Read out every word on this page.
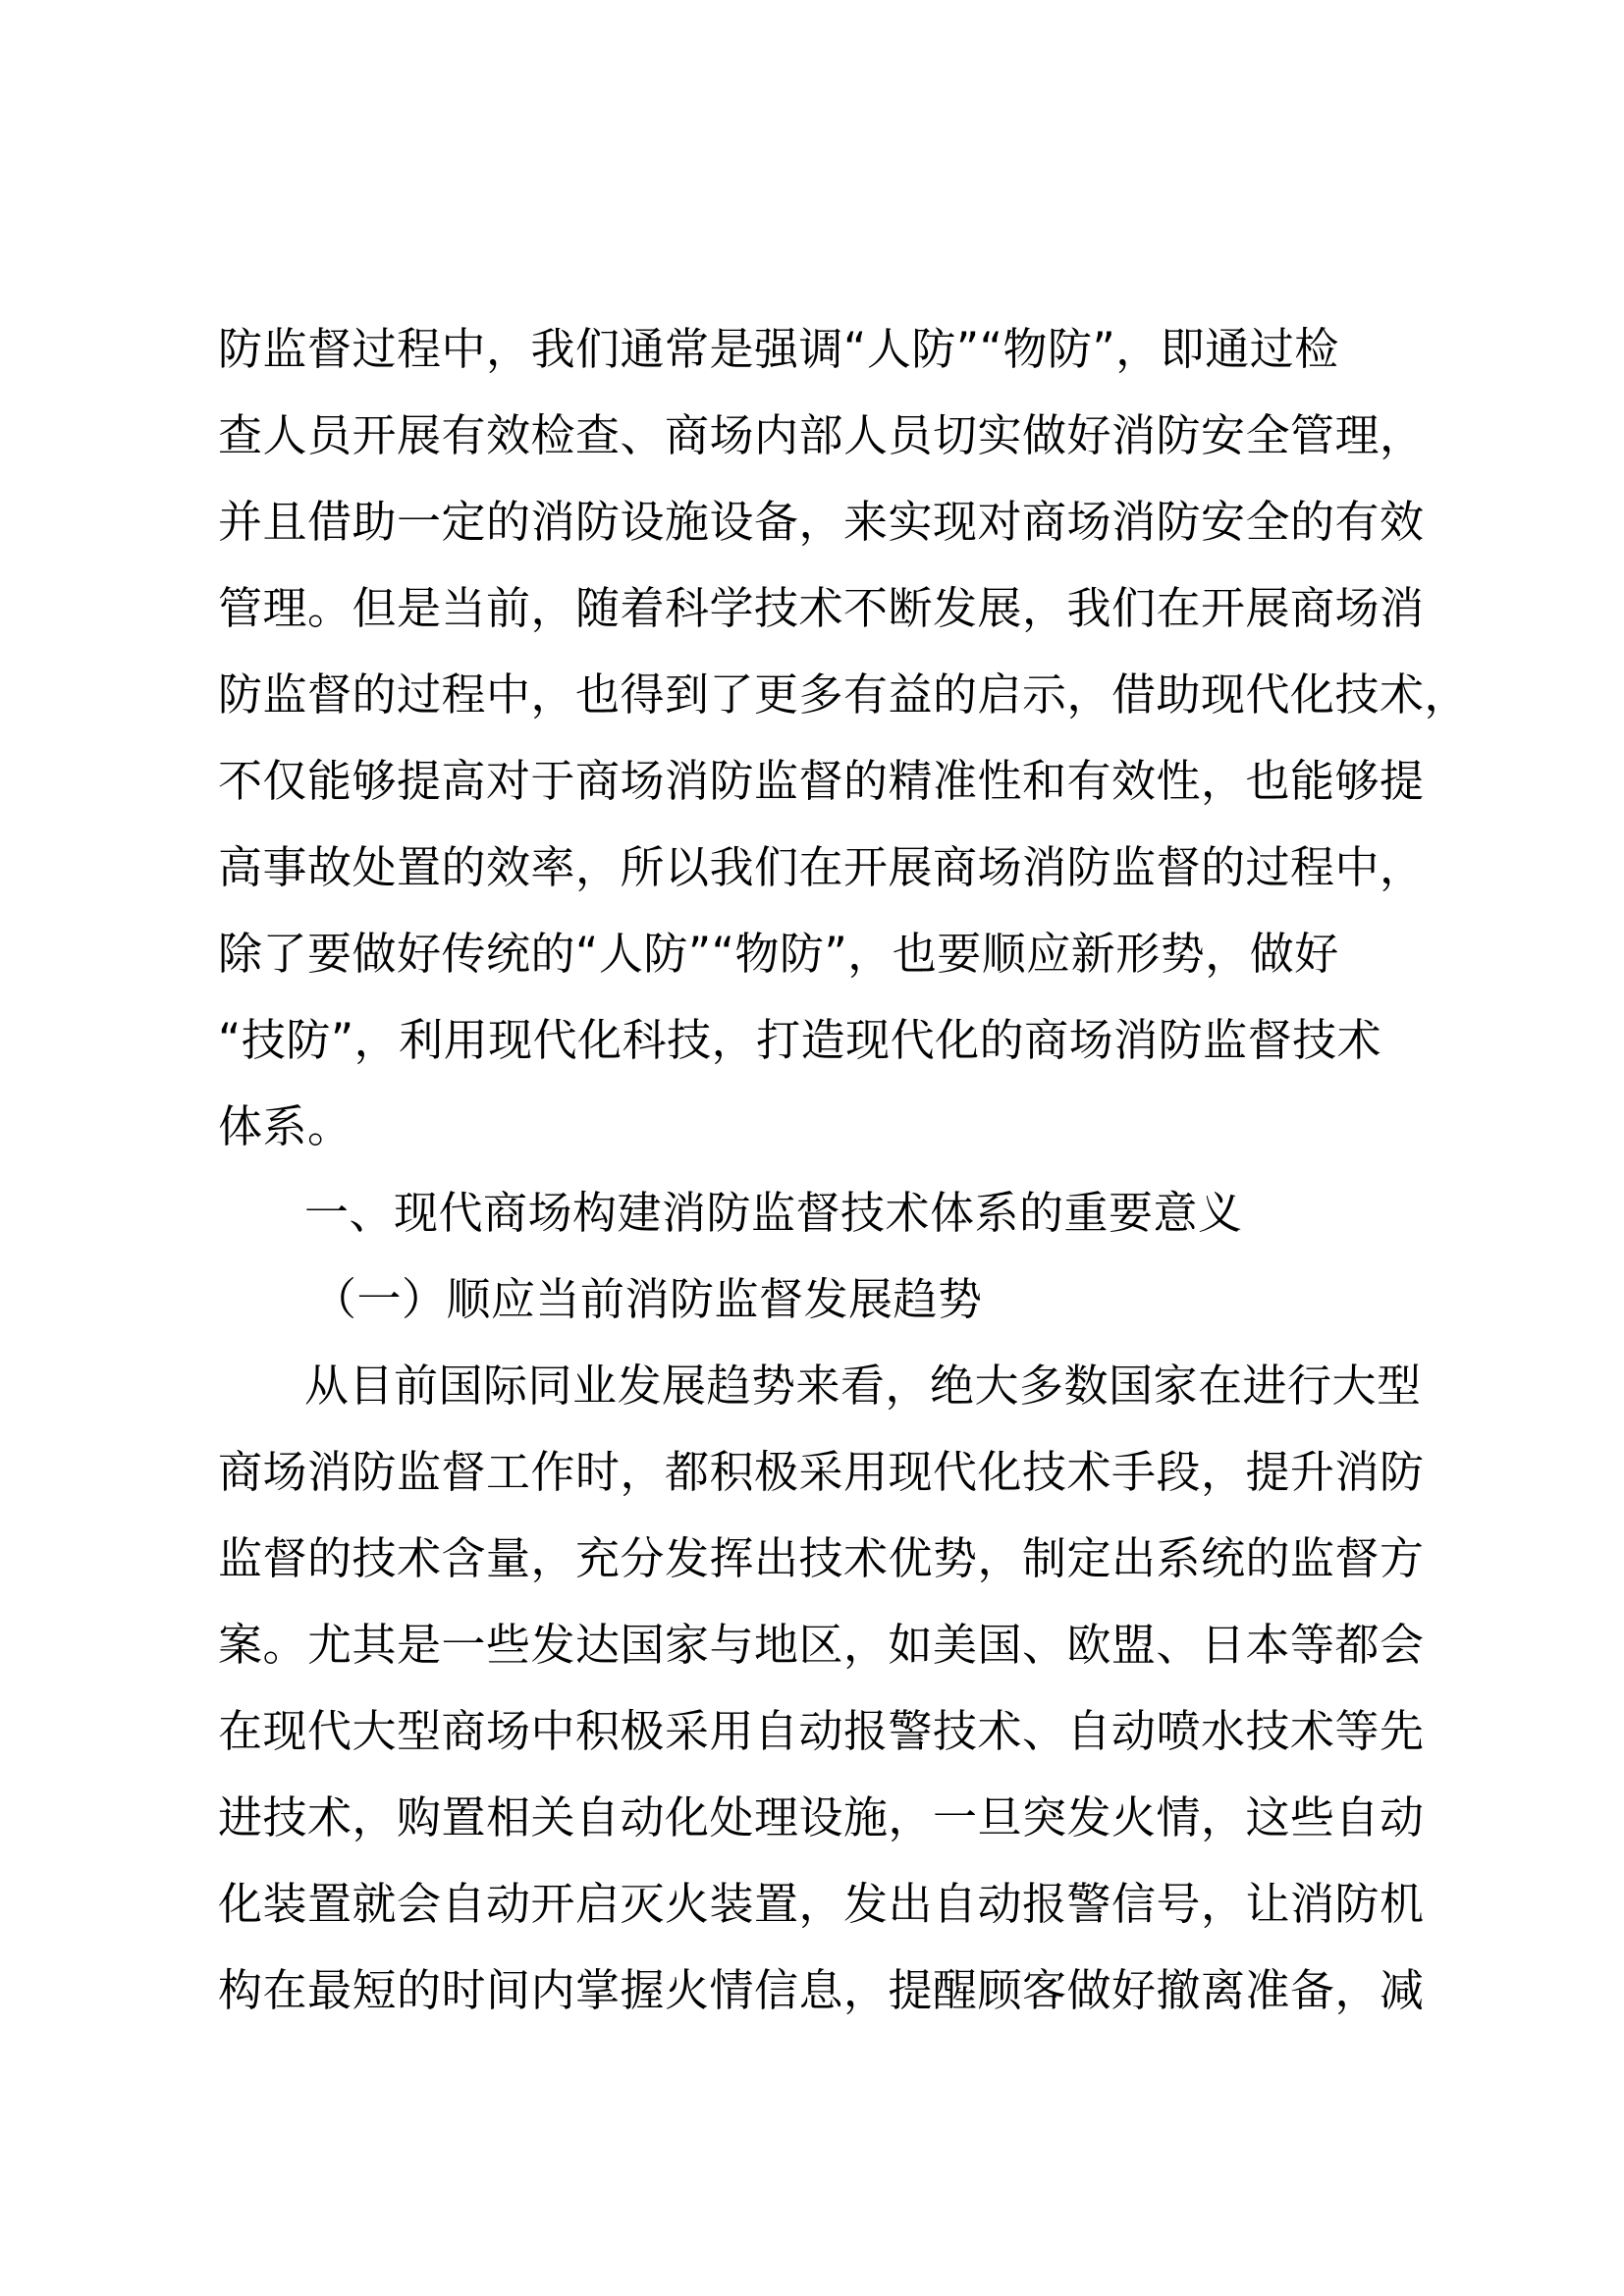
防监督过程中，我们通常是强调“人防”“物防”，即通过检
查人员开展有效检查、商场内部人员切实做好消防安全管理，
并且借助一定的消防设施设备，来实现对商场消防安全的有效
管理。但是当前，随着科学技术不断发展，我们在开展商场消
防监督的过程中，也得到了更多有益的启示，借助现代化技术，
不仅能够提高对于商场消防监督的精准性和有效性，也能够提
高事故处置的效率，所以我们在开展商场消防监督的过程中，
除了要做好传统的“人防”“物防”，也要顺应新形势，做好
“技防”，利用现代化科技，打造现代化的商场消防监督技术
体系。
一、现代商场构建消防监督技术体系的重要意义
（一）顺应当前消防监督发展趋势
从目前国际同业发展趋势来看，绝大多数国家在进行大型
商场消防监督工作时，都积极采用现代化技术手段，提升消防
监督的技术含量，充分发挥出技术优势，制定出系统的监督方
案。尤其是一些发达国家与地区，如美国、欧盟、日本等都会
在现代大型商场中积极采用自动报警技术、自动喷水技术等先
进技术，购置相关自动化处理设施，一旦突发火情，这些自动
化装置就会自动开启灭火装置，发出自动报警信号，让消防机
构在最短的时间内掌握火情信息，提醒顾客做好撤离准备，减
